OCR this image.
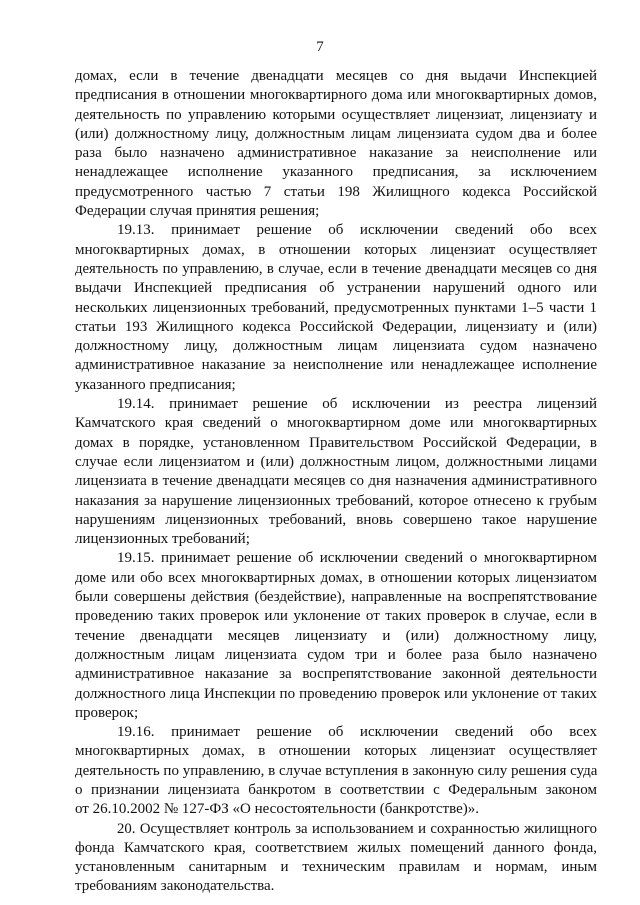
7
домах, если в течение двенадцати месяцев со дня выдачи Инспекцией
предписания в отношении многоквартирного дома или многоквартирных домов,
деятельность по управлению которыми осуществляет лицензиат, лицензиату и
(или) должностному лицу, должностным лицам лицензиата судом два и более
раза было назначено административное наказание за неисполнение или
ненадлежащее исполнение указанного предписания, за исключением
предусмотренного частью 7 статьи 198 Жилищного кодекса Российской
Федерации случая принятия решения;
19.13. принимает решение об исключении сведений обо всех
многоквартирных домах, в отношении которых лицензиат осуществляет
деятельность по управлению, в случае, если в течение двенадцати месяцев со дня
выдачи Инспекцией предписания об устранении нарушений одного или
нескольких лицензионных требований, предусмотренных пунктами 1–5 части 1
статьи 193 Жилищного кодекса Российской Федерации, лицензиату и (или)
должностному лицу, должностным лицам лицензиата судом назначено
административное наказание за неисполнение или ненадлежащее исполнение
указанного предписания;
19.14. принимает решение об исключении из реестра лицензий
Камчатского края сведений о многоквартирном доме или многоквартирных
домах в порядке, установленном Правительством Российской Федерации, в
случае если лицензиатом и (или) должностным лицом, должностными лицами
лицензиата в течение двенадцати месяцев со дня назначения административного
наказания за нарушение лицензионных требований, которое отнесено к грубым
нарушениям лицензионных требований, вновь совершено такое нарушение
лицензионных требований;
19.15. принимает решение об исключении сведений о многоквартирном
доме или обо всех многоквартирных домах, в отношении которых лицензиатом
были совершены действия (бездействие), направленные на воспрепятствование
проведению таких проверок или уклонение от таких проверок в случае, если в
течение двенадцати месяцев лицензиату и (или) должностному лицу,
должностным лицам лицензиата судом три и более раза было назначено
административное наказание за воспрепятствование законной деятельности
должностного лица Инспекции по проведению проверок или уклонение от таких
проверок;
19.16. принимает решение об исключении сведений обо всех
многоквартирных домах, в отношении которых лицензиат осуществляет
деятельность по управлению, в случае вступления в законную силу решения суда
о признании лицензиата банкротом в соответствии с Федеральным законом
от 26.10.2002 № 127-ФЗ «О несостоятельности (банкротстве)».
20. Осуществляет контроль за использованием и сохранностью жилищного
фонда Камчатского края, соответствием жилых помещений данного фонда,
установленным санитарным и техническим правилам и нормам, иным
требованиям законодательства.
